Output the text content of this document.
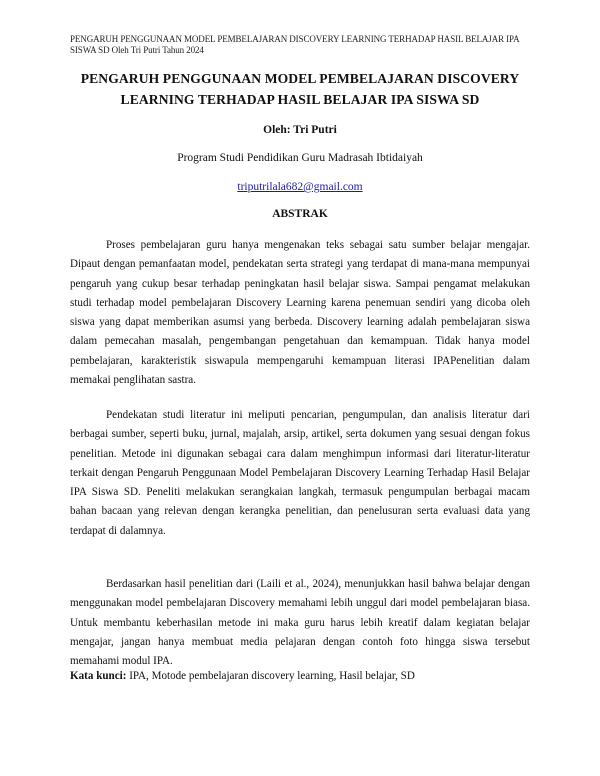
PENGARUH PENGGUNAAN MODEL PEMBELAJARAN DISCOVERY LEARNING TERHADAP HASIL BELAJAR IPA SISWA SD Oleh Tri Putri Tahun 2024
PENGARUH PENGGUNAAN MODEL PEMBELAJARAN DISCOVERY LEARNING TERHADAP HASIL BELAJAR IPA SISWA SD
Oleh: Tri Putri
Program Studi Pendidikan Guru Madrasah Ibtidaiyah
triputrilala682@gmail.com
ABSTRAK

Proses pembelajaran guru hanya mengenakan teks sebagai satu sumber belajar mengajar. Dipaut dengan pemanfaatan model, pendekatan serta strategi yang terdapat di mana-mana mempunyai pengaruh yang cukup besar terhadap peningkatan hasil belajar siswa. Sampai pengamat melakukan studi terhadap model pembelajaran Discovery Learning karena penemuan sendiri yang dicoba oleh siswa yang dapat memberikan asumsi yang berbeda. Discovery learning adalah pembelajaran siswa dalam pemecahan masalah, pengembangan pengetahuan dan kemampuan. Tidak hanya model pembelajaran, karakteristik siswapula mempengaruhi kemampuan literasi IPAPenelitian dalam memakai penglihatan sastra.

Pendekatan studi literatur ini meliputi pencarian, pengumpulan, dan analisis literatur dari berbagai sumber, seperti buku, jurnal, majalah, arsip, artikel, serta dokumen yang sesuai dengan fokus penelitian. Metode ini digunakan sebagai cara dalam menghimpun informasi dari literatur-literatur terkait dengan Pengaruh Penggunaan Model Pembelajaran Discovery Learning Terhadap Hasil Belajar IPA Siswa SD. Peneliti melakukan serangkaian langkah, termasuk pengumpulan berbagai macam bahan bacaan yang relevan dengan kerangka penelitian, dan penelusuran serta evaluasi data yang terdapat di dalamnya.

Berdasarkan hasil penelitian dari (Laili et al., 2024), menunjukkan hasil bahwa belajar dengan menggunakan model pembelajaran Discovery memahami lebih unggul dari model pembelajaran biasa. Untuk membantu keberhasilan metode ini maka guru harus lebih kreatif dalam kegiatan belajar mengajar, jangan hanya membuat media pelajaran dengan contoh foto hingga siswa tersebut memahami modul IPA.

Kata kunci: IPA, Motode pembelajaran discovery learning, Hasil belajar, SD
